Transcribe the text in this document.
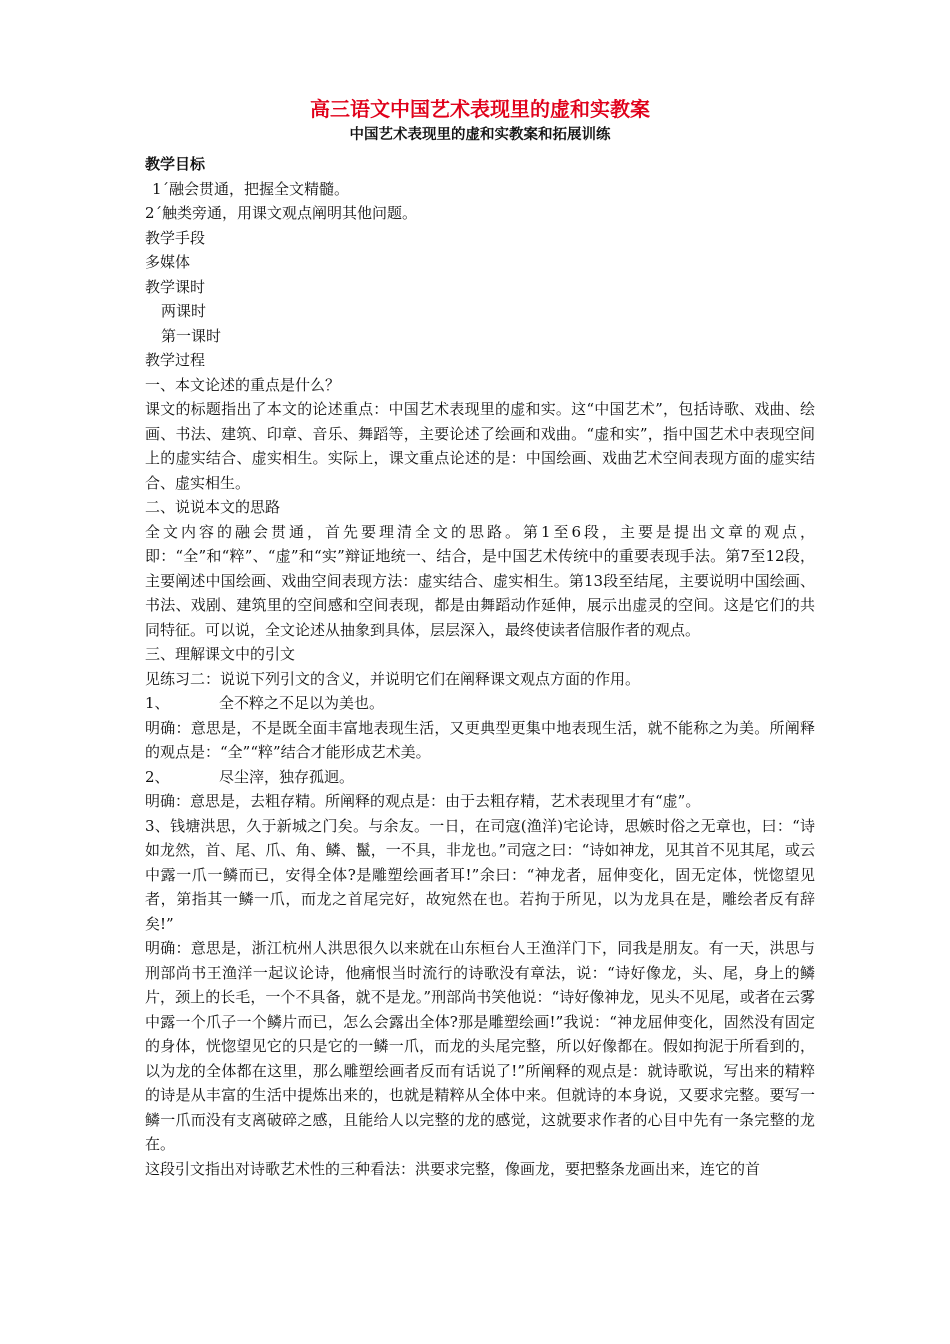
高三语文中国艺术表现里的虚和实教案
中国艺术表现里的虚和实教案和拓展训练

教学目标

1ˊ融会贯通，把握全文精髓。

2ˊ触类旁通，用课文观点阐明其他问题。

教学手段

多媒体

教学课时

两课时

第一课时

教学过程

一、本文论述的重点是什么？

课文的标题指出了本文的论述重点：中国艺术表现里的虚和实。这“中国艺术”，包括诗歌、戏曲、绘画、书法、建筑、印章、音乐、舞蹈等，主要论述了绘画和戏曲。“虚和实”，指中国艺术中表现空间上的虚实结合、虚实相生。实际上，课文重点论述的是：中国绘画、戏曲艺术空间表现方面的虚实结合、虚实相生。

二、说说本文的思路

全文内容的融会贯通，首先要理清全文的思路。第1至6段，主要是提出文章的观点，即：“全”和“粹”、“虚”和“实”辩证地统一、结合，是中国艺术传统中的重要表现手法。第7至12段，主要阐述中国绘画、戏曲空间表现方法：虚实结合、虚实相生。第13段至结尾，主要说明中国绘画、书法、戏剧、建筑里的空间感和空间表现，都是由舞蹈动作延伸，展示出虚灵的空间。这是它们的共同特征。可以说，全文论述从抽象到具体，层层深入，最终使读者信服作者的观点。

三、理解课文中的引文

见练习二：说说下列引文的含义，并说明它们在阐释课文观点方面的作用。

1、	全不粹之不足以为美也。

明确：意思是，不是既全面丰富地表现生活，又更典型更集中地表现生活，就不能称之为美。所阐释的观点是：“全”“粹”结合才能形成艺术美。

2、	尽尘滓，独存孤迥。

明确：意思是，去粗存精。所阐释的观点是：由于去粗存精，艺术表现里才有“虚”。

3、钱塘洪思，久于新城之门矣。与余友。一日，在司寇(渔洋)宅论诗，思嫉时俗之无章也，曰：“诗如龙然，首、尾、爪、角、鳞、鬣，一不具，非龙也。”司寇之曰：“诗如神龙，见其首不见其尾，或云中露一爪一鳞而已，安得全体?是雕塑绘画者耳!”余曰：“神龙者，屈伸变化，固无定体，恍惚望见者，第指其一鳞一爪，而龙之首尾完好，故宛然在也。若拘于所见，以为龙具在是，雕绘者反有辞矣!”

明确：意思是，浙江杭州人洪思很久以来就在山东桓台人王渔洋门下，同我是朋友。有一天，洪思与刑部尚书王渔洋一起议论诗，他痛恨当时流行的诗歌没有章法，说：“诗好像龙，头、尾，身上的鳞片，颈上的长毛，一个不具备，就不是龙。”刑部尚书笑他说：“诗好像神龙，见头不见尾，或者在云雾中露一个爪子一个鳞片而已，怎么会露出全体?那是雕塑绘画!”我说：“神龙屈伸变化，固然没有固定的身体，恍惚望见它的只是它的一鳞一爪，而龙的头尾完整，所以好像都在。假如拘泥于所看到的，以为龙的全体都在这里，那么雕塑绘画者反而有话说了!”所阐释的观点是：就诗歌说，写出来的精粹的诗是从丰富的生活中提炼出来的，也就是精粹从全体中来。但就诗的本身说，又要求完整。要写一鳞一爪而没有支离破碎之感，且能给人以完整的龙的感觉，这就要求作者的心目中先有一条完整的龙在。

这段引文指出对诗歌艺术性的三种看法：洪要求完整，像画龙，要把整条龙画出来，连它的首
